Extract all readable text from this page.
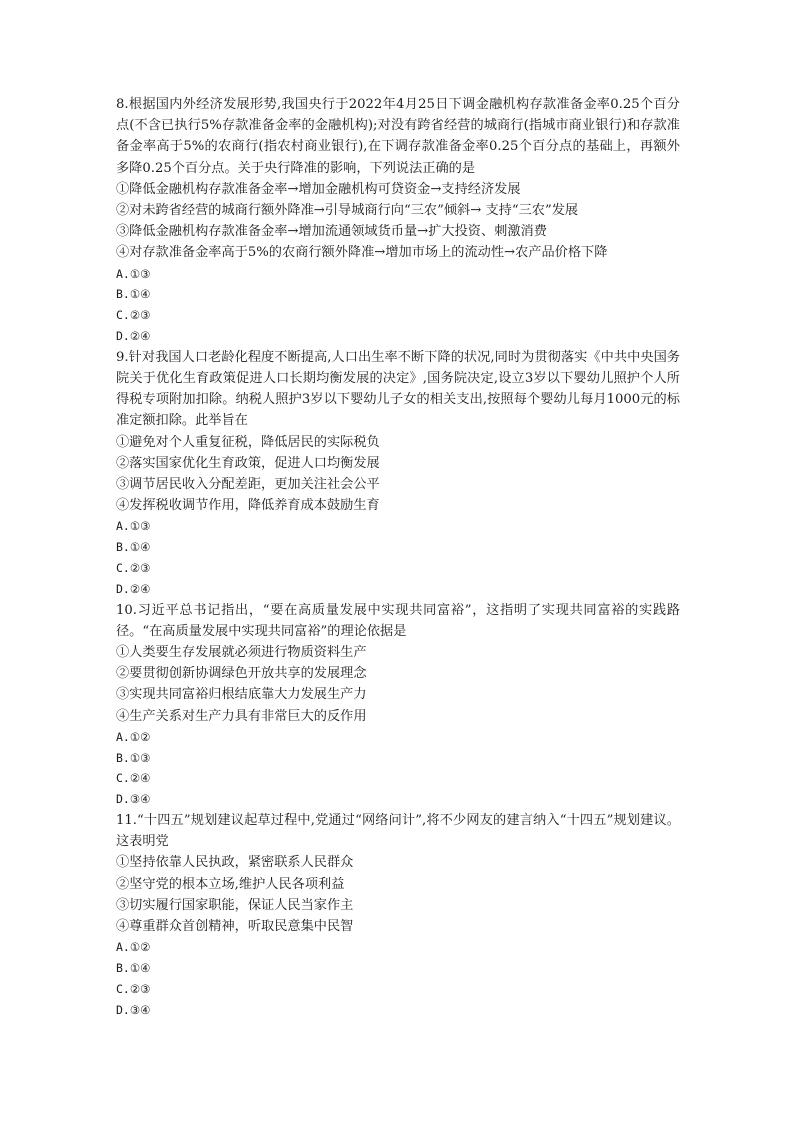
8.根据国内外经济发展形势,我国央行于2022年4月25日下调金融机构存款准备金率0.25个百分点(不含已执行5%存款准备金率的金融机构);对没有跨省经营的城商行(指城市商业银行)和存款准备金率高于5%的农商行(指农村商业银行),在下调存款准备金率0.25个百分点的基础上，再额外多降0.25个百分点。关于央行降准的影响，下列说法正确的是

①降低金融机构存款准备金率→增加金融机构可贷资金→支持经济发展

②对未跨省经营的城商行额外降准→引导城商行向“三农”倾斜→ 支持“三农”发展

③降低金融机构存款准备金率→增加流通领域货币量→扩大投资、刺激消费

④对存款准备金率高于5%的农商行额外降准→增加市场上的流动性→农产品价格下降

A.①③

B.①④

C.②③

D.②④

9.针对我国人口老龄化程度不断提高,人口出生率不断下降的状况,同时为贯彻落实《中共中央国务院关于优化生育政策促进人口长期均衡发展的决定》,国务院决定,设立3岁以下婴幼儿照护个人所得税专项附加扣除。纳税人照护3岁以下婴幼儿子女的相关支出,按照每个婴幼儿每月1000元的标准定额扣除。此举旨在

①避免对个人重复征税，降低居民的实际税负

②落实国家优化生育政策，促进人口均衡发展

③调节居民收入分配差距，更加关注社会公平

④发挥税收调节作用，降低养育成本鼓励生育

A.①③

B.①④

C.②③

D.②④

10.习近平总书记指出，“要在高质量发展中实现共同富裕”，这指明了实现共同富裕的实践路径。“在高质量发展中实现共同富裕”的理论依据是

①人类要生存发展就必须进行物质资料生产

②要贯彻创新协调绿色开放共享的发展理念

③实现共同富裕归根结底靠大力发展生产力

④生产关系对生产力具有非常巨大的反作用

A.①②

B.①③

C.②④

D.③④

11.“十四五”规划建议起草过程中,党通过“网络问计”,将不少网友的建言纳入“十四五”规划建议。这表明党

①坚持依靠人民执政，紧密联系人民群众

②坚守党的根本立场,维护人民各项利益

③切实履行国家职能，保证人民当家作主

④尊重群众首创精神，听取民意集中民智

A.①②

B.①④

C.②③

D.③④
